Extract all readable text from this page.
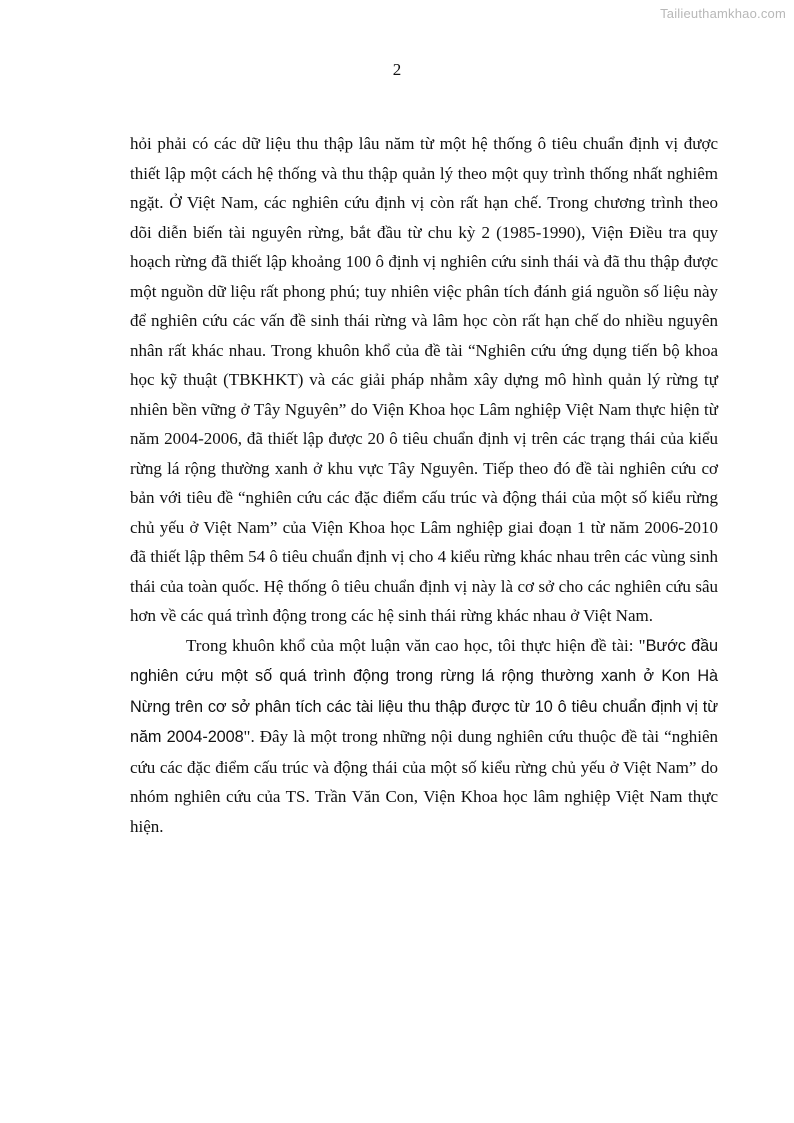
Tailieuthamkhao.com
2

hỏi phải có các dữ liệu thu thập lâu năm từ một hệ thống ô tiêu chuẩn định vị được thiết lập một cách hệ thống và thu thập quản lý theo một quy trình thống nhất nghiêm ngặt. Ở Việt Nam, các nghiên cứu định vị còn rất hạn chế. Trong chương trình theo dõi diễn biến tài nguyên rừng, bắt đầu từ chu kỳ 2 (1985-1990), Viện Điều tra quy hoạch rừng đã thiết lập khoảng 100 ô định vị nghiên cứu sinh thái và đã thu thập được một nguồn dữ liệu rất phong phú; tuy nhiên việc phân tích đánh giá nguồn số liệu này để nghiên cứu các vấn đề sinh thái rừng và lâm học còn rất hạn chế do nhiều nguyên nhân rất khác nhau. Trong khuôn khổ của đề tài “Nghiên cứu ứng dụng tiến bộ khoa học kỹ thuật (TBKHKT) và các giải pháp nhằm xây dựng mô hình quản lý rừng tự nhiên bền vững ở Tây Nguyên” do Viện Khoa học Lâm nghiệp Việt Nam thực hiện từ năm 2004-2006, đã thiết lập được 20 ô tiêu chuẩn định vị trên các trạng thái của kiểu rừng lá rộng thường xanh ở khu vực Tây Nguyên. Tiếp theo đó đề tài nghiên cứu cơ bản với tiêu đề “nghiên cứu các đặc điểm cấu trúc và động thái của một số kiểu rừng chủ yếu ở Việt Nam” của Viện Khoa học Lâm nghiệp giai đoạn 1 từ năm 2006-2010 đã thiết lập thêm 54 ô tiêu chuẩn định vị cho 4 kiểu rừng khác nhau trên các vùng sinh thái của toàn quốc. Hệ thống ô tiêu chuẩn định vị này là cơ sở cho các nghiên cứu sâu hơn về các quá trình động trong các hệ sinh thái rừng khác nhau ở Việt Nam.

Trong khuôn khổ của một luận văn cao học, tôi thực hiện đề tài: "Bước đầu nghiên cứu một số quá trình động trong rừng lá rộng thường xanh ở Kon Hà Nừng trên cơ sở phân tích các tài liệu thu thập được từ 10 ô tiêu chuẩn định vị từ năm 2004-2008". Đây là một trong những nội dung nghiên cứu thuộc đề tài “nghiên cứu các đặc điểm cấu trúc và động thái của một số kiểu rừng chủ yếu ở Việt Nam” do nhóm nghiên cứu của TS. Trần Văn Con, Viện Khoa học lâm nghiệp Việt Nam thực hiện.
